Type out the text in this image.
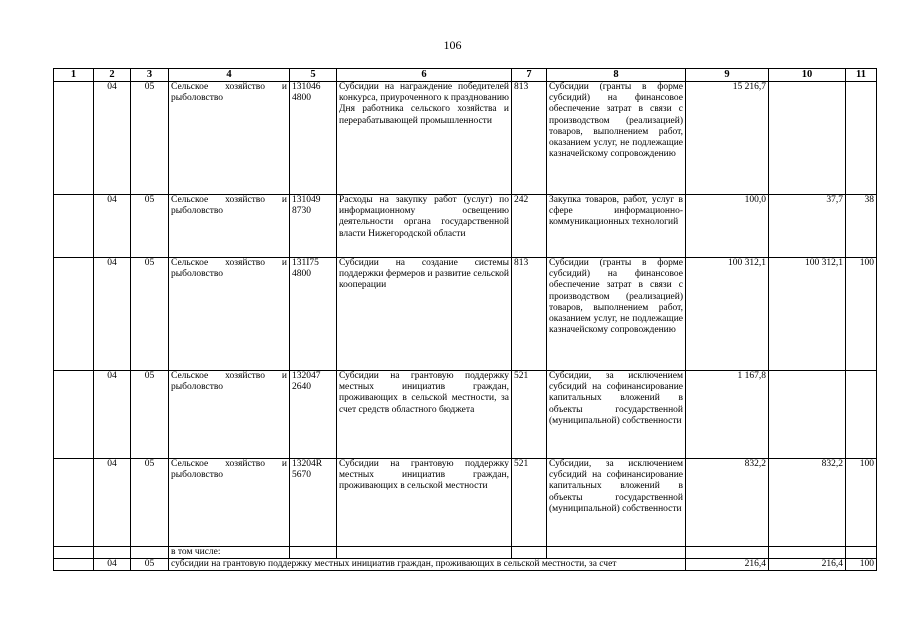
106
1	2	3	4	5	6	7	8	9	10	11
	04	05	Сельское хозяйство и рыболовство	131046 4800	Субсидии на награждение победителей конкурса, приуроченного к празднованию Дня работника сельского хозяйства и перерабатывающей промышленности	813	Субсидии (гранты в форме субсидий) на финансовое обеспечение затрат в связи с производством (реализацией) товаров, выполнением работ, оказанием услуг, не подлежащие казначейскому сопровождению	15 216,7		
	04	05	Сельское хозяйство и рыболовство	131049 8730	Расходы на закупку работ (услуг) по информационному освещению деятельности органа государственной власти Нижегородской области	242	Закупка товаров, работ, услуг в сфере информационно-коммуникационных технологий	100,0	37,7	38
	04	05	Сельское хозяйство и рыболовство	131I75 4800	Субсидии на создание системы поддержки фермеров и развитие сельской кооперации	813	Субсидии (гранты в форме субсидий) на финансовое обеспечение затрат в связи с производством (реализацией) товаров, выполнением работ, оказанием услуг, не подлежащие казначейскому сопровождению	100 312,1	100 312,1	100
	04	05	Сельское хозяйство и рыболовство	132047 2640	Субсидии на грантовую поддержку местных инициатив граждан, проживающих в сельской местности, за счет средств областного бюджета	521	Субсидии, за исключением субсидий на софинансирование капитальных вложений в объекты государственной (муниципальной) собственности	1 167,8		
	04	05	Сельское хозяйство и рыболовство	13204R 5670	Субсидии на грантовую поддержку местных инициатив граждан, проживающих в сельской местности	521	Субсидии, за исключением субсидий на софинансирование капитальных вложений в объекты государственной (муниципальной) собственности	832,2	832,2	100
			в том числе:							
	04	05	субсидии на грантовую поддержку местных инициатив граждан, проживающих в сельской местности, за счет					216,4	216,4	100
